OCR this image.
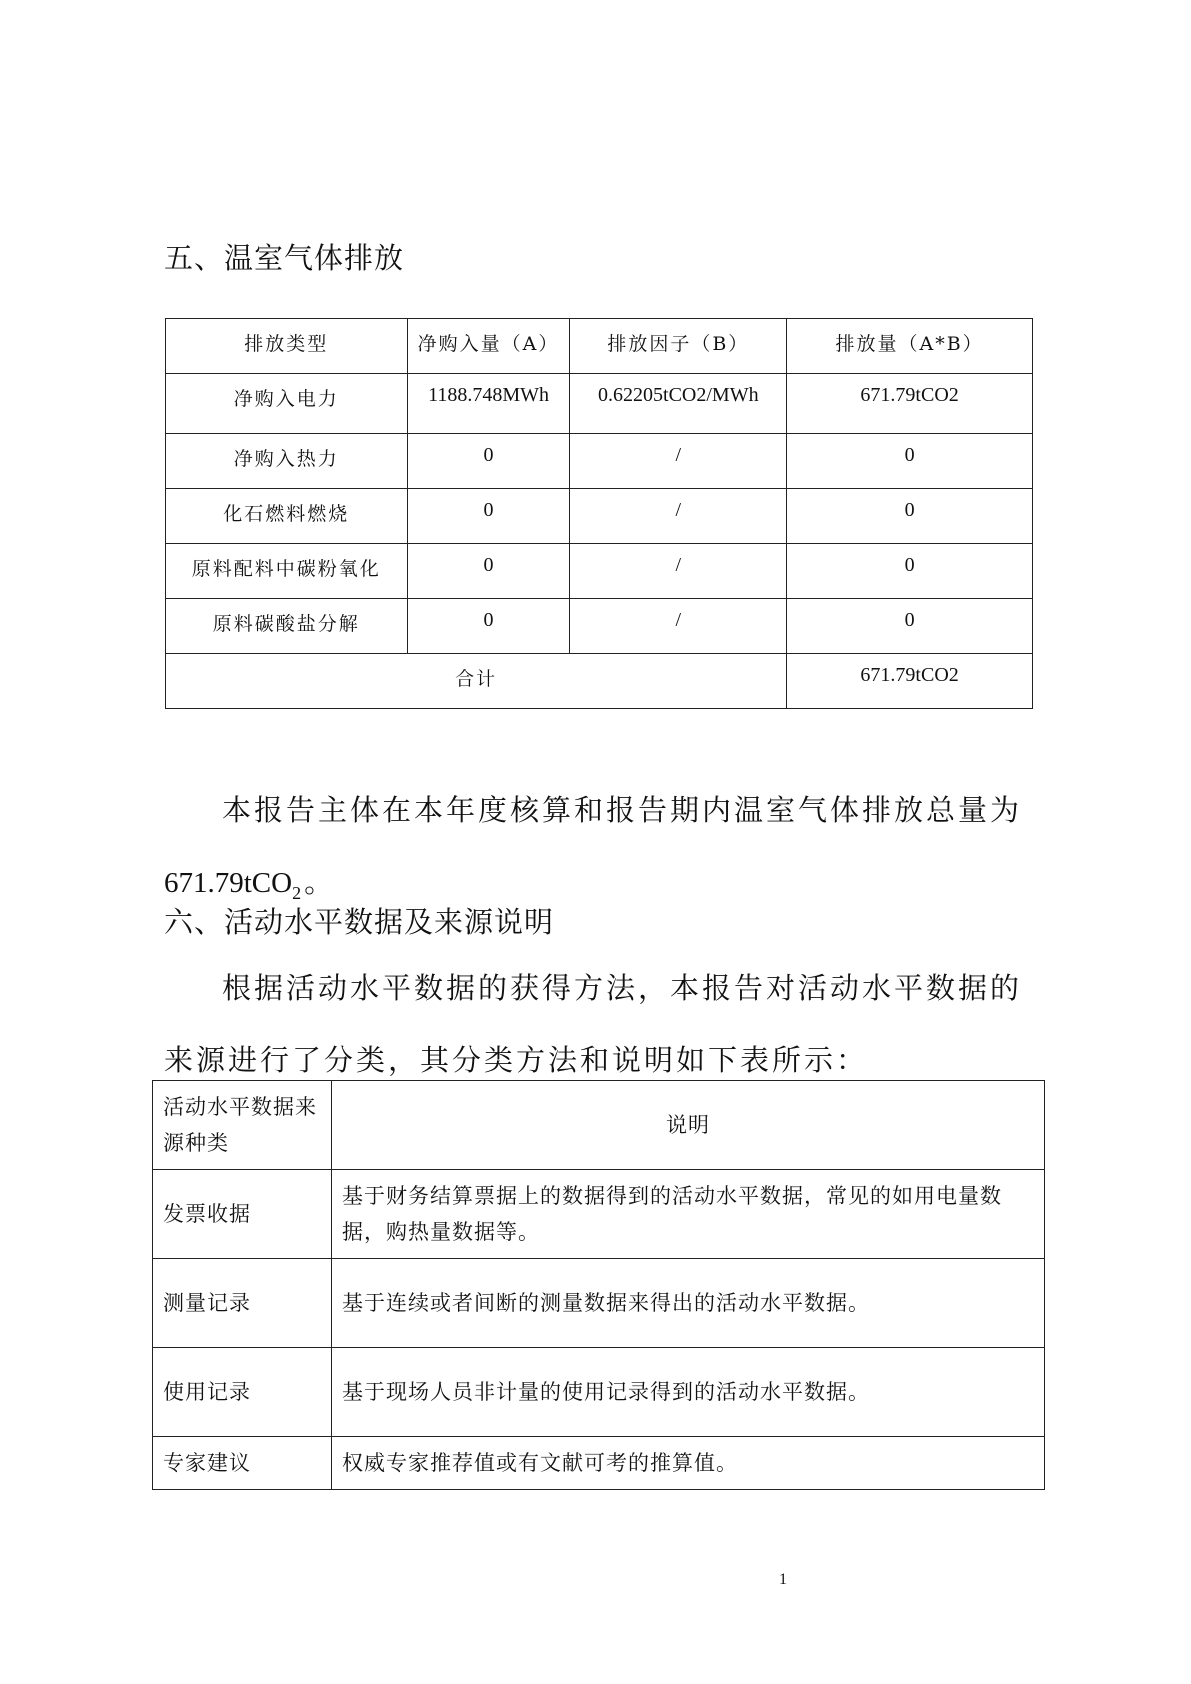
五、温室气体排放
排放类型	净购入量（A）	排放因子（B）	排放量（A*B）
净购入电力	1188.748MWh	0.62205tCO2/MWh	671.79tCO2
净购入热力	0	/	0
化石燃料燃烧	0	/	0
原料配料中碳粉氧化	0	/	0
原料碳酸盐分解	0	/	0
合计			671.79tCO2

本报告主体在本年度核算和报告期内温室气体排放总量为671.79tCO$_2$。

六、活动水平数据及来源说明

根据活动水平数据的获得方法，本报告对活动水平数据的来源进行了分类，其分类方法和说明如下表所示：

活动水平数据来源种类	说明
发票收据	基于财务结算票据上的数据得到的活动水平数据，常见的如用电量数据，购热量数据等。
测量记录	基于连续或者间断的测量数据来得出的活动水平数据。
使用记录	基于现场人员非计量的使用记录得到的活动水平数据。
专家建议	权威专家推荐值或有文献可考的推算值。
1
